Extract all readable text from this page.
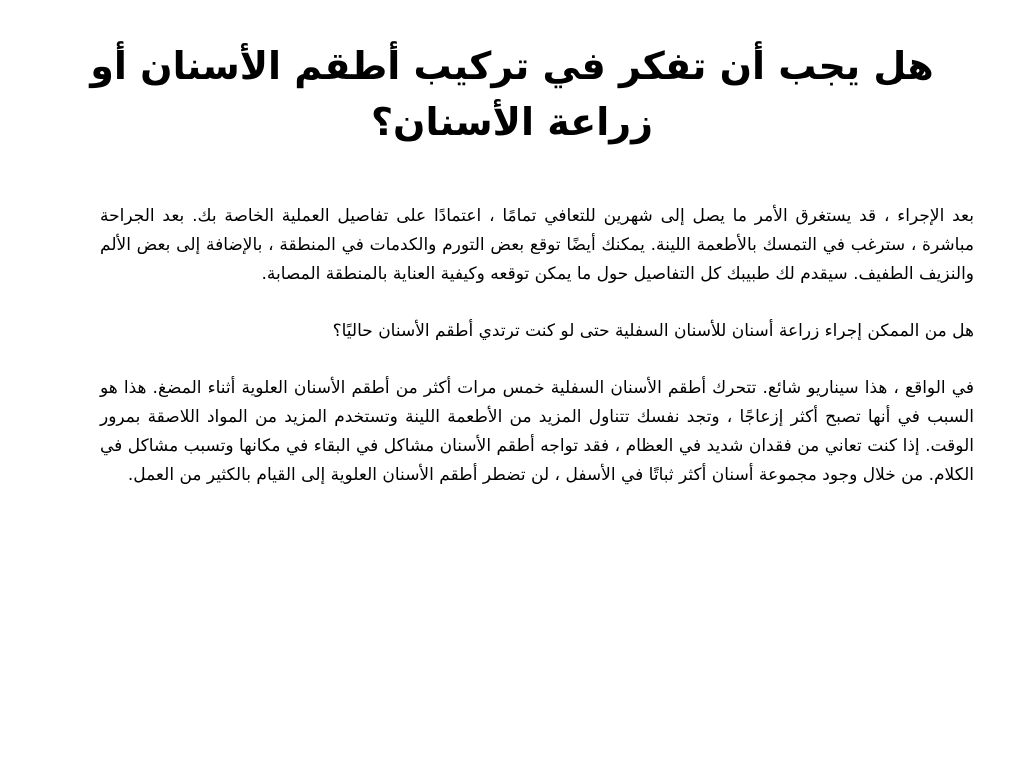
هل يجب أن تفكر في تركيب أطقم الأسنان أو زراعة الأسنان؟

بعد الإجراء ، قد يستغرق الأمر ما يصل إلى شهرين للتعافي تمامًا ، اعتمادًا على تفاصيل العملية الخاصة بك. بعد الجراحة مباشرة ، سترغب في التمسك بالأطعمة اللينة. يمكنك أيضًا توقع بعض التورم والكدمات في المنطقة ، بالإضافة إلى بعض الألم والنزيف الطفيف. سيقدم لك طبيبك كل التفاصيل حول ما يمكن توقعه وكيفية العناية بالمنطقة المصابة.

هل من الممكن إجراء زراعة أسنان للأسنان السفلية حتى لو كنت ترتدي أطقم الأسنان حاليًا؟

في الواقع ، هذا سيناريو شائع. تتحرك أطقم الأسنان السفلية خمس مرات أكثر من أطقم الأسنان العلوية أثناء المضغ. هذا هو السبب في أنها تصبح أكثر إزعاجًا ، وتجد نفسك تتناول المزيد من الأطعمة اللينة وتستخدم المزيد من المواد اللاصقة بمرور الوقت. إذا كنت تعاني من فقدان شديد في العظام ، فقد تواجه أطقم الأسنان مشاكل في البقاء في مكانها وتسبب مشاكل في الكلام. من خلال وجود مجموعة أسنان أكثر ثباتًا في الأسفل ، لن تضطر أطقم الأسنان العلوية إلى القيام بالكثير من العمل.
